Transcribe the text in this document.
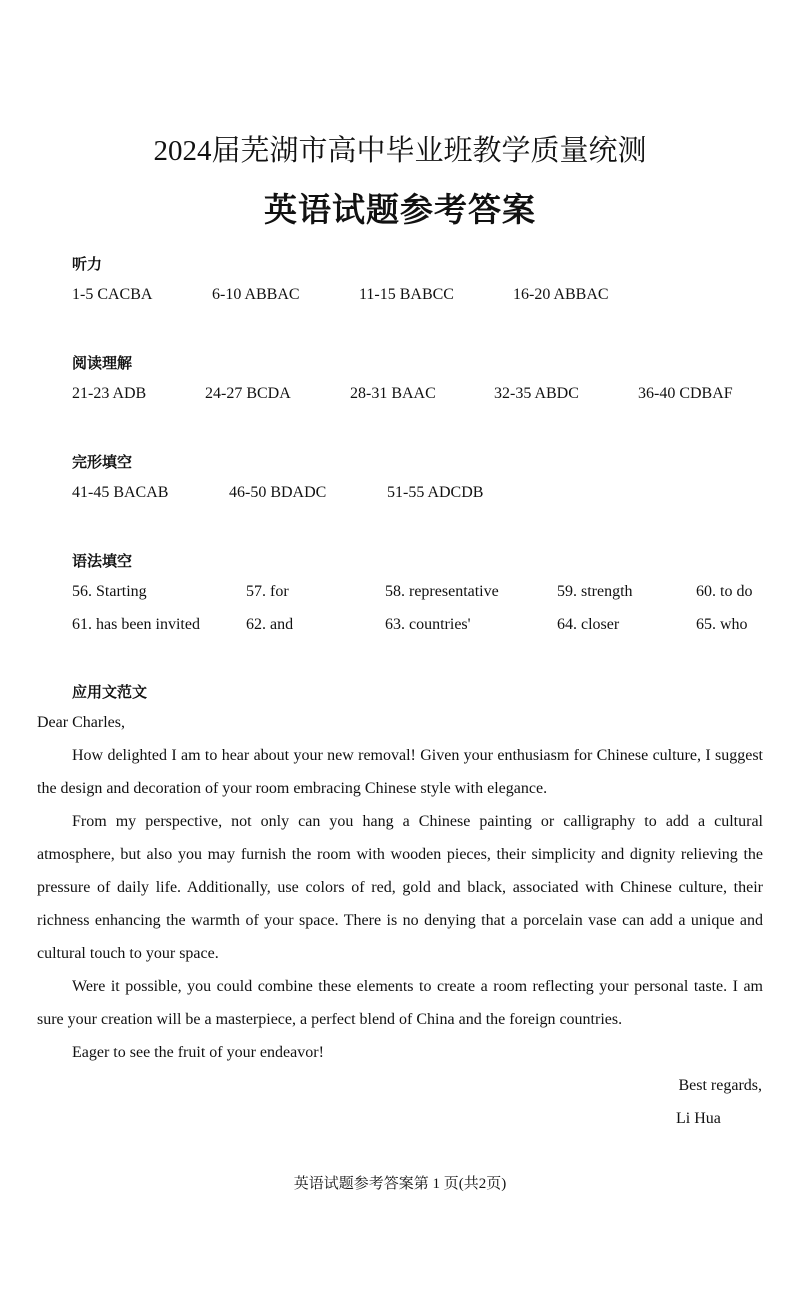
2024届芜湖市高中毕业班教学质量统测
英语试题参考答案
听力
1-5 CACBA	6-10 ABBAC	11-15 BABCC	16-20 ABBAC
阅读理解
21-23 ADB	24-27 BCDA	28-31 BAAC	32-35 ABDC	36-40 CDBAF
完形填空
41-45 BACAB	46-50 BDADC	51-55 ADCDB
语法填空
56. Starting	57. for	58. representative	59. strength	60. to do
61. has been invited	62. and	63. countries'	64. closer	65. who
应用文范文

Dear Charles,

How delighted I am to hear about your new removal! Given your enthusiasm for Chinese culture, I suggest the design and decoration of your room embracing Chinese style with elegance.

From my perspective, not only can you hang a Chinese painting or calligraphy to add a cultural atmosphere, but also you may furnish the room with wooden pieces, their simplicity and dignity relieving the pressure of daily life. Additionally, use colors of red, gold and black, associated with Chinese culture, their richness enhancing the warmth of your space. There is no denying that a porcelain vase can add a unique and cultural touch to your space.

Were it possible, you could combine these elements to create a room reflecting your personal taste. I am sure your creation will be a masterpiece, a perfect blend of China and the foreign countries.

Eager to see the fruit of your endeavor!

Best regards,
Li Hua
英语试题参考答案第 1 页(共2页)
